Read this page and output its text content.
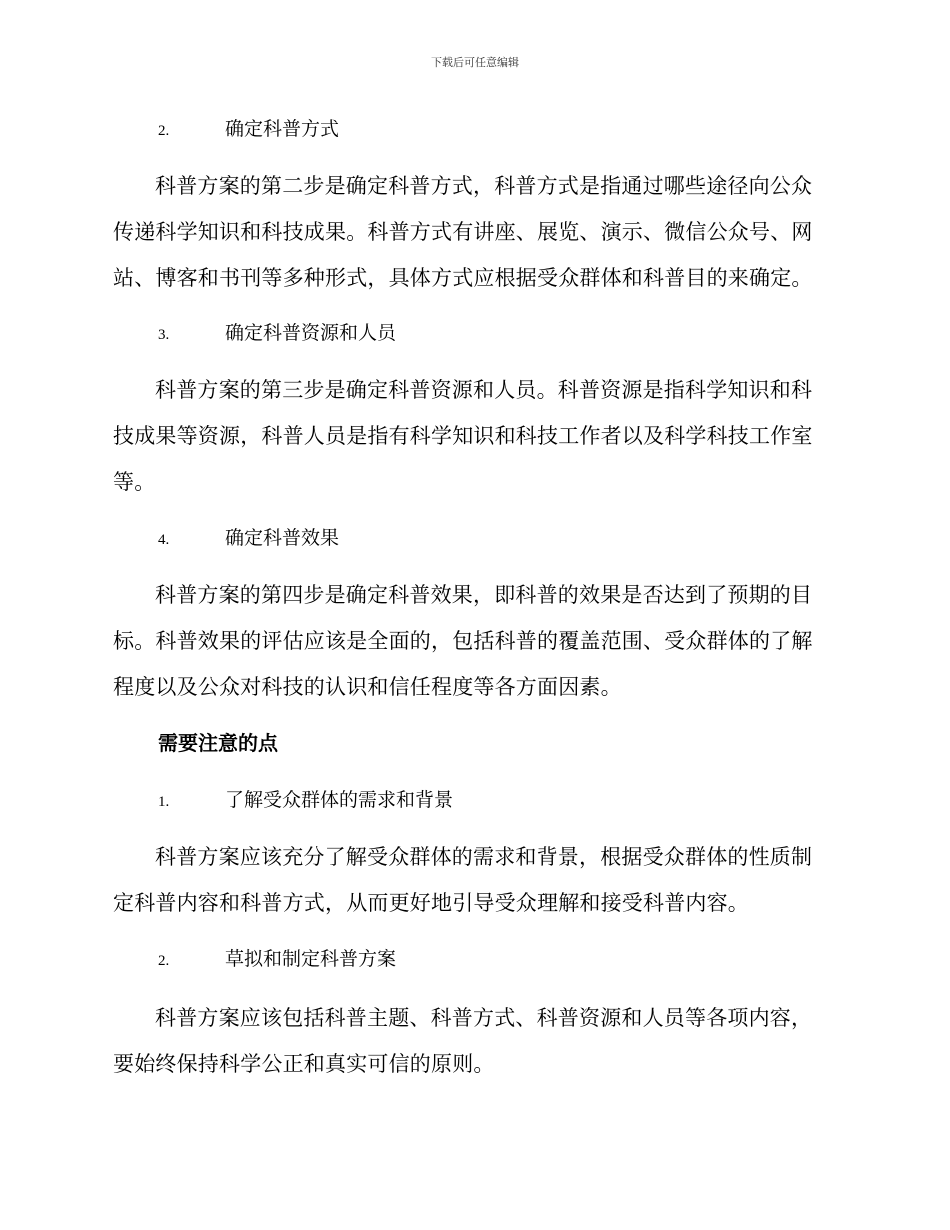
下载后可任意编辑
2.	确定科普方式

科普方案的第二步是确定科普方式，科普方式是指通过哪些途径向公众传递科学知识和科技成果。科普方式有讲座、展览、演示、微信公众号、网站、博客和书刊等多种形式，具体方式应根据受众群体和科普目的来确定。

3.	确定科普资源和人员

科普方案的第三步是确定科普资源和人员。科普资源是指科学知识和科技成果等资源，科普人员是指有科学知识和科技工作者以及科学科技工作室等。

4.	确定科普效果

科普方案的第四步是确定科普效果，即科普的效果是否达到了预期的目标。科普效果的评估应该是全面的，包括科普的覆盖范围、受众群体的了解程度以及公众对科技的认识和信任程度等各方面因素。

需要注意的点
1.	了解受众群体的需求和背景

科普方案应该充分了解受众群体的需求和背景，根据受众群体的性质制定科普内容和科普方式，从而更好地引导受众理解和接受科普内容。

2.	草拟和制定科普方案

科普方案应该包括科普主题、科普方式、科普资源和人员等各项内容，要始终保持科学公正和真实可信的原则。
